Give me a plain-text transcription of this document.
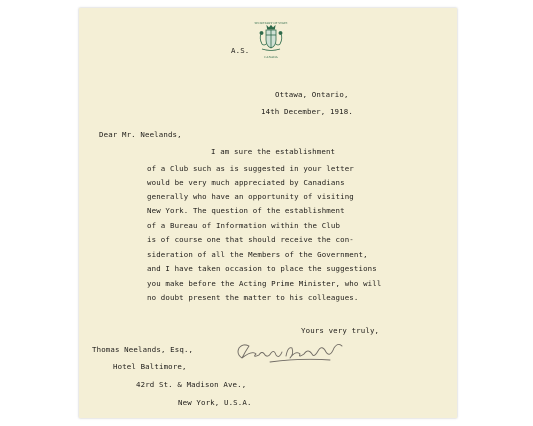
A.S.
SECRETARY OF STATE
CANADA
Ottawa, Ontario,
14th December, 1918.
Dear Mr. Neelands,
I am sure the establishment
of a Club such as is suggested in your letter
would be very much appreciated by Canadians
generally who have an opportunity of visiting
New York. The question of the establishment
of a Bureau of Information within the Club
is of course one that should receive the con-
sideration of all the Members of the Government,
and I have taken occasion to place the suggestions
you make before the Acting Prime Minister, who will
no doubt present the matter to his colleagues.
Yours very truly,
Thomas Neelands, Esq.,
Hotel Baltimore,
42rd St. & Madison Ave.,
New York, U.S.A.
